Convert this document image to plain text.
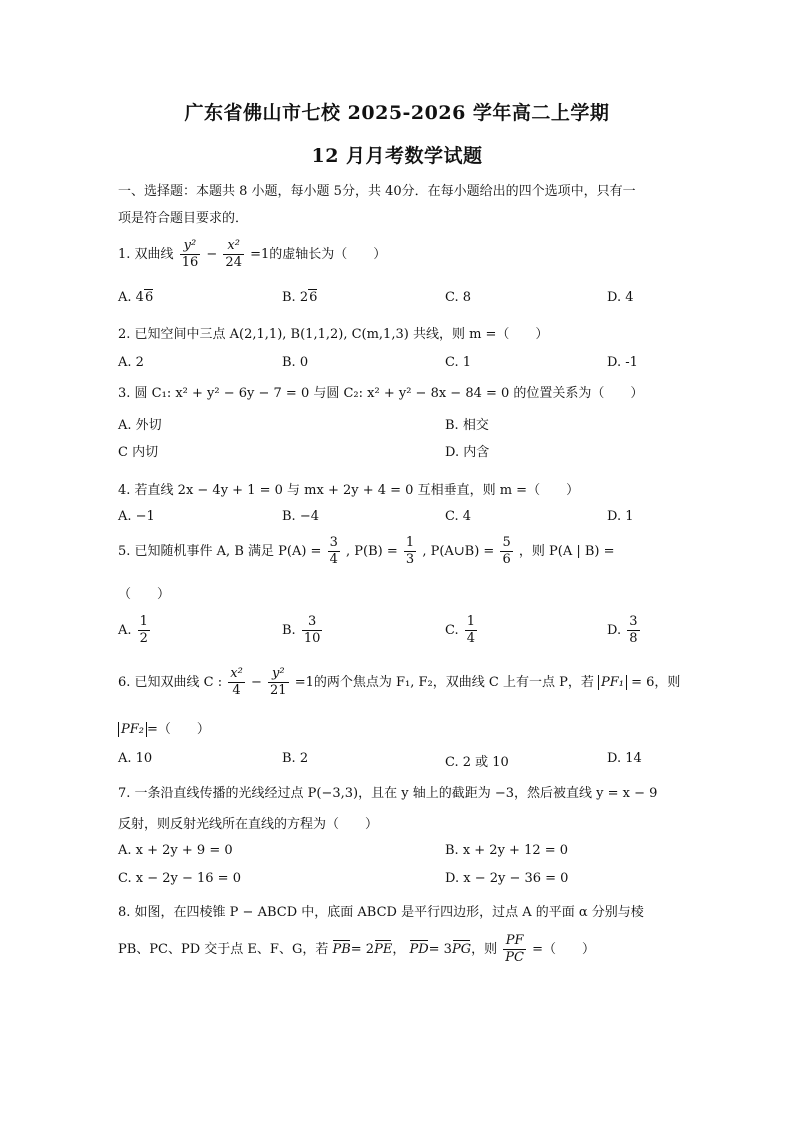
广东省佛山市七校 2025-2026 学年高二上学期
12 月月考数学试题
一、选择题：本题共 8 小题，每小题 5分，共 40分．在每小题给出的四个选项中，只有一
项是符合题目要求的．
1. 双曲线 $\frac{\text{y²}}{16} - \frac{\text{x²}}{24} =1$的虚轴长为（　　）
A. 46	B. 26	C. 8	D. 4
2. 已知空间中三点 A(2,1,1), B(1,1,2), C(m,1,3) 共线，则 m =（　　）
A. 2	B. 0	C. 1	D. -1
3. 圆 C₁: x² + y² − 6y − 7 = 0 与圆 C₂: x² + y² − 8x − 84 = 0 的位置关系为（　　）
A. 外切	B. 相交
C 内切	D. 内含
4. 若直线 2x − 4y + 1 = 0 与 mx + 2y + 4 = 0 互相垂直，则 m =（　　）
A. −1	B. −4	C. 4	D. 1
5. 已知随机事件 A, B 满足 $P(A) = \frac{3}{4}$ , $P(B) = \frac{1}{3}$ , P(A∪B) = $\frac{5}{6}$ ，则 P(A | B) =
（　　）
A. $\frac{1}{2}$	B. $\frac{3}{10}$	C. $\frac{1}{4}$	D. $\frac{3}{8}$
6. 已知双曲线 C : $\frac{\text{x²}}{4} - \frac{\text{y²}}{21} =1$的两个焦点为 F₁, F₂，双曲线 C 上有一点 P，若 PF₁ = 6，则
PF₂ =（　　）
A. 10	B. 2	C. 2 或 10	D. 14
7. 一条沿直线传播的光线经过点 P(−3,3)，且在 y 轴上的截距为 −3，然后被直线 y = x − 9
反射，则反射光线所在直线的方程为（　　）
A. x + 2y + 9 = 0	B. x + 2y + 12 = 0
C. x − 2y − 16 = 0	D. x − 2y − 36 = 0
8. 如图，在四棱锥 P − ABCD 中，底面 ABCD 是平行四边形，过点 A 的平面 α 分别与棱
PB、PC、PD 交于点 E、F、G，若 PB= 2PE， PD= 3PG，则 $\frac{PF}{PC}$ =（　　）
